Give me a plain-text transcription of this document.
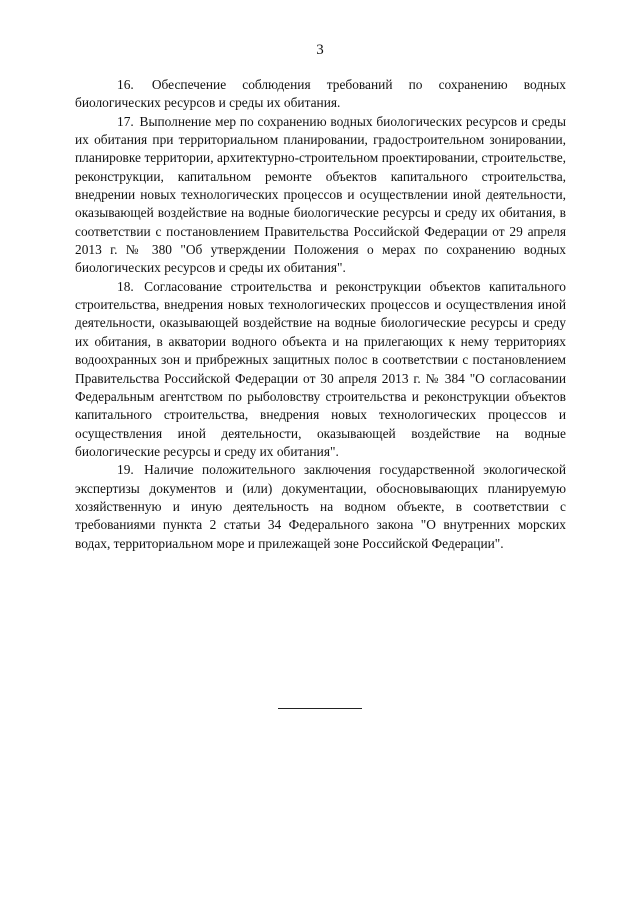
3

16. Обеспечение соблюдения требований по сохранению водных биологических ресурсов и среды их обитания.

17. Выполнение мер по сохранению водных биологических ресурсов и среды их обитания при территориальном планировании, градостроительном зонировании, планировке территории, архитектурно-строительном проектировании, строительстве, реконструкции, капитальном ремонте объектов капитального строительства, внедрении новых технологических процессов и осуществлении иной деятельности, оказывающей воздействие на водные биологические ресурсы и среду их обитания, в соответствии с постановлением Правительства Российской Федерации от 29 апреля 2013 г. № 380 "Об утверждении Положения о мерах по сохранению водных биологических ресурсов и среды их обитания".

18. Согласование строительства и реконструкции объектов капитального строительства, внедрения новых технологических процессов и осуществления иной деятельности, оказывающей воздействие на водные биологические ресурсы и среду их обитания, в акватории водного объекта и на прилегающих к нему территориях водоохранных зон и прибрежных защитных полос в соответствии с постановлением Правительства Российской Федерации от 30 апреля 2013 г. № 384 "О согласовании Федеральным агентством по рыболовству строительства и реконструкции объектов капитального строительства, внедрения новых технологических процессов и осуществления иной деятельности, оказывающей воздействие на водные биологические ресурсы и среду их обитания".

19. Наличие положительного заключения государственной экологической экспертизы документов и (или) документации, обосновывающих планируемую хозяйственную и иную деятельность на водном объекте, в соответствии с требованиями пункта 2 статьи 34 Федерального закона "О внутренних морских водах, территориальном море и прилежащей зоне Российской Федерации".
